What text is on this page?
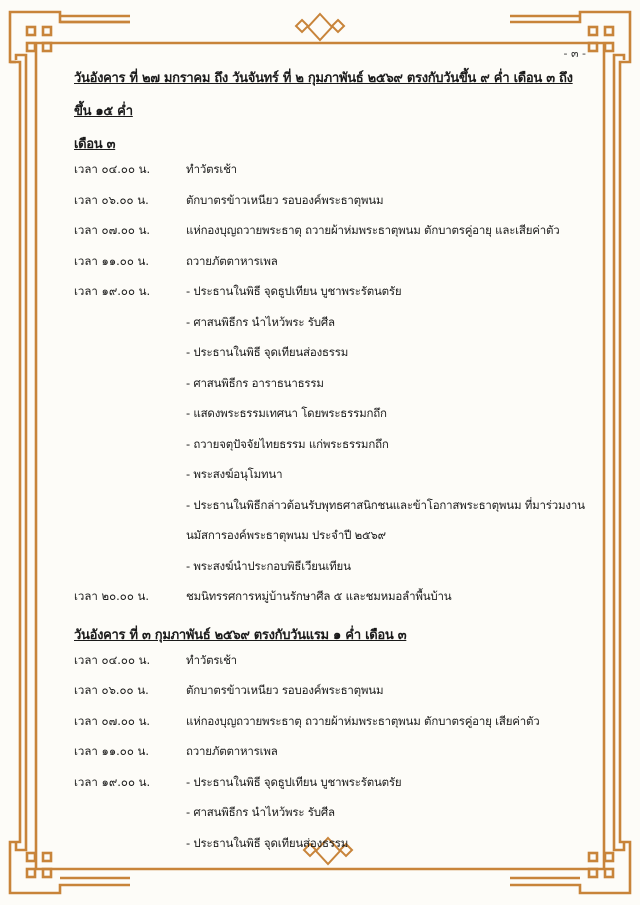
- ๓ -

วันอังคาร ที่ ๒๗ มกราคม ถึง วันจันทร์ ที่ ๒ กุมภาพันธ์ ๒๕๖๙ ตรงกับวันขึ้น ๙ ค่ำ เดือน ๓ ถึง ขึ้น ๑๕ ค่ำ

เดือน ๓

เวลา ๐๔.๐๐ น.	ทำวัตรเช้า
เวลา ๐๖.๐๐ น.	ตักบาตรข้าวเหนียว รอบองค์พระธาตุพนม
เวลา ๐๗.๐๐ น.	แห่กองบุญถวายพระธาตุ ถวายผ้าห่มพระธาตุพนม ตักบาตรคู่อายุ และเสียค่าตัว
เวลา ๑๑.๐๐ น.	ถวายภัตตาหารเพล
เวลา ๑๙.๐๐ น.	- ประธานในพิธี จุดธูปเทียน บูชาพระรัตนตรัย
- ศาสนพิธีกร นำไหว้พระ รับศีล
- ประธานในพิธี จุดเทียนส่องธรรม
- ศาสนพิธีกร อาราธนาธรรม
- แสดงพระธรรมเทศนา โดยพระธรรมกถึก
- ถวายจตุปัจจัยไทยธรรม แก่พระธรรมกถึก
- พระสงฆ์อนุโมทนา
- ประธานในพิธีกล่าวต้อนรับพุทธศาสนิกชนและข้าโอกาสพระธาตุพนม ที่มาร่วมงาน
นมัสการองค์พระธาตุพนม ประจำปี ๒๕๖๙
- พระสงฆ์นำประกอบพิธีเวียนเทียน
เวลา ๒๐.๐๐ น.	ชมนิทรรศการหมู่บ้านรักษาศีล ๕ และชมหมอลำพื้นบ้าน

วันอังคาร ที่ ๓ กุมภาพันธ์ ๒๕๖๙ ตรงกับวันแรม ๑ ค่ำ เดือน ๓

เวลา ๐๔.๐๐ น.	ทำวัตรเช้า
เวลา ๐๖.๐๐ น.	ตักบาตรข้าวเหนียว รอบองค์พระธาตุพนม
เวลา ๐๗.๐๐ น.	แห่กองบุญถวายพระธาตุ ถวายผ้าห่มพระธาตุพนม ตักบาตรคู่อายุ เสียค่าตัว
เวลา ๑๑.๐๐ น.	ถวายภัตตาหารเพล
เวลา ๑๙.๐๐ น.	- ประธานในพิธี จุดธูปเทียน บูชาพระรัตนตรัย
- ศาสนพิธีกร นำไหว้พระ รับศีล
- ประธานในพิธี จุดเทียนส่องธรรม
